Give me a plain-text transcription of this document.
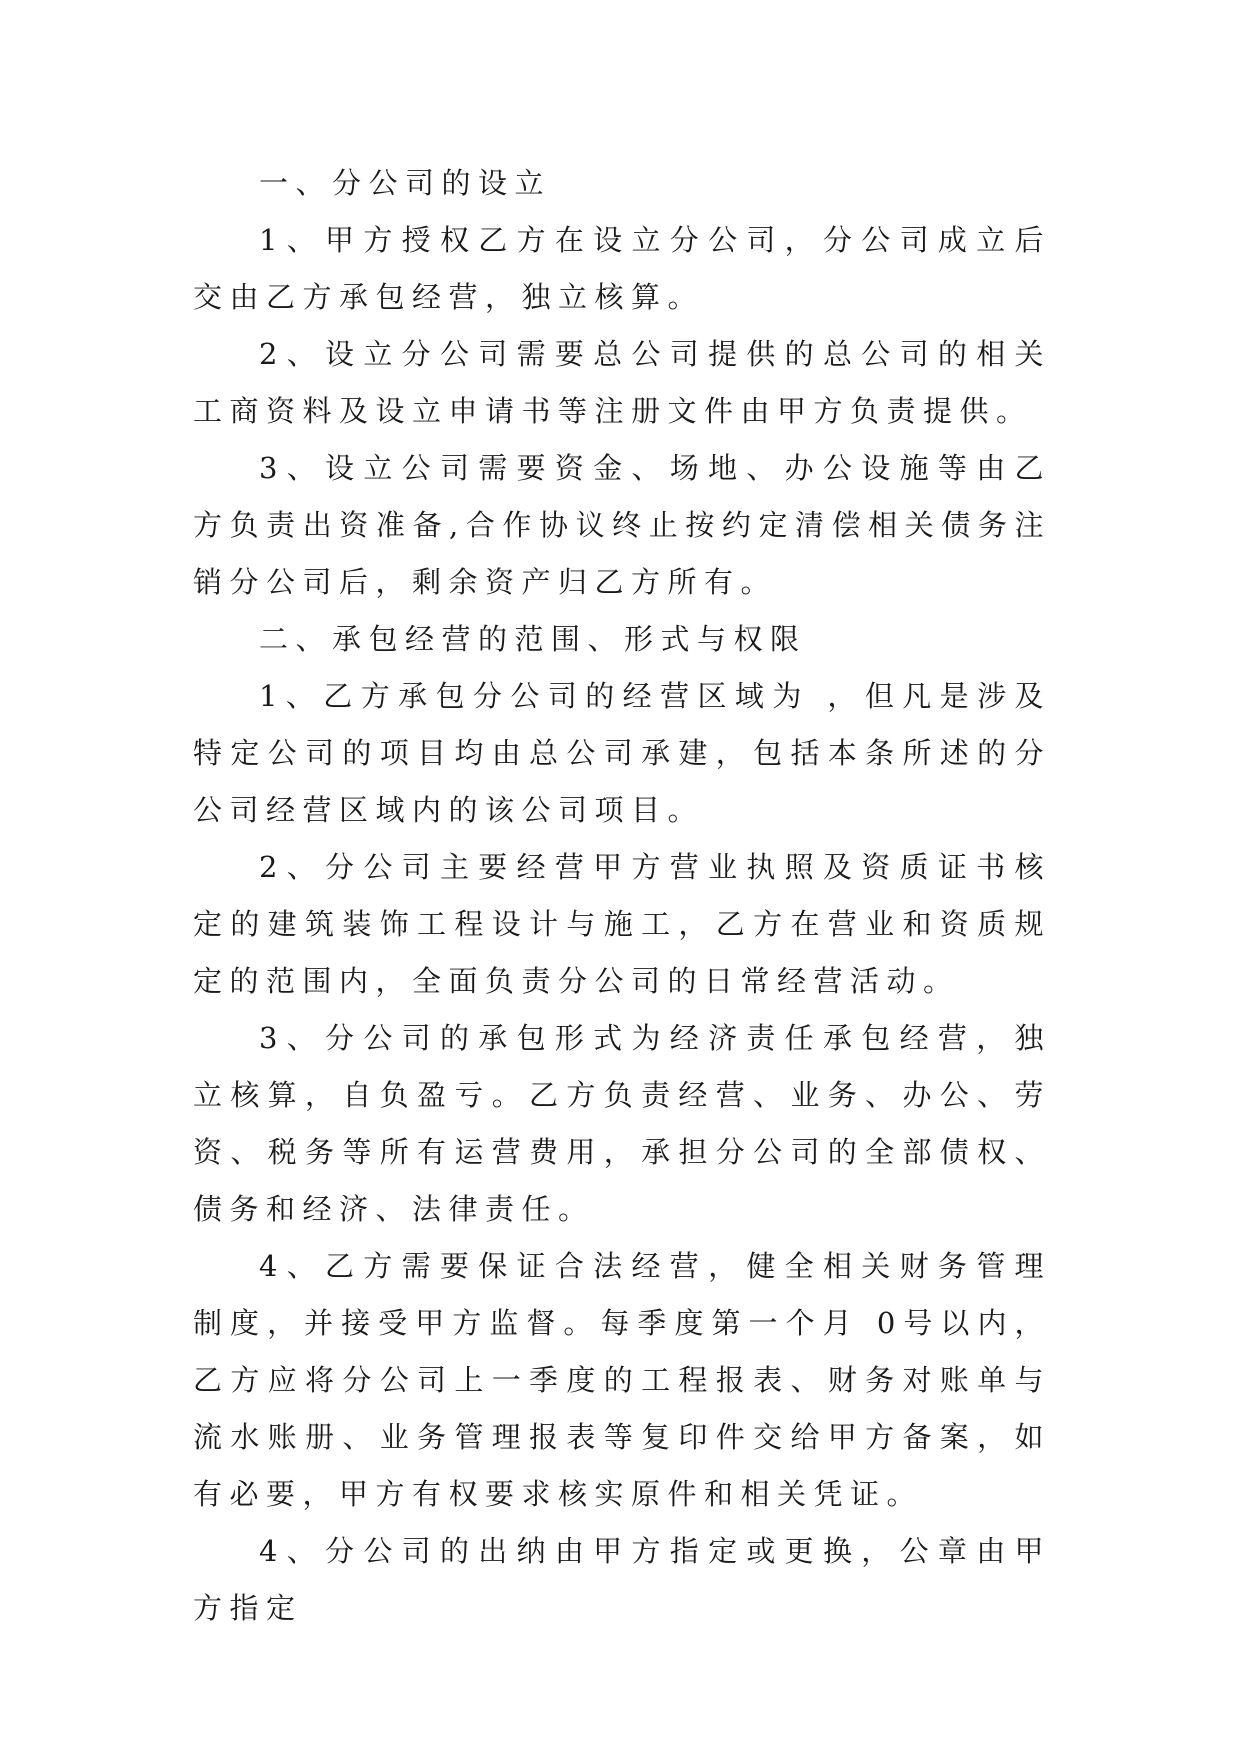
一、分公司的设立

1、甲方授权乙方在设立分公司，分公司成立后交由乙方承包经营，独立核算。

2、设立分公司需要总公司提供的总公司的相关工商资料及设立申请书等注册文件由甲方负责提供。

3、设立公司需要资金、场地、办公设施等由乙方负责出资准备,合作协议终止按约定清偿相关债务注销分公司后，剩余资产归乙方所有。

二、承包经营的范围、形式与权限

1、乙方承包分公司的经营区域为 ，但凡是涉及特定公司的项目均由总公司承建，包括本条所述的分公司经营区域内的该公司项目。

2、分公司主要经营甲方营业执照及资质证书核定的建筑装饰工程设计与施工，乙方在营业和资质规定的范围内，全面负责分公司的日常经营活动。

3、分公司的承包形式为经济责任承包经营，独立核算，自负盈亏。乙方负责经营、业务、办公、劳资、税务等所有运营费用，承担分公司的全部债权、债务和经济、法律责任。

4、乙方需要保证合法经营，健全相关财务管理制度，并接受甲方监督。每季度第一个月 0号以内，乙方应将分公司上一季度的工程报表、财务对账单与流水账册、业务管理报表等复印件交给甲方备案，如有必要，甲方有权要求核实原件和相关凭证。

4、分公司的出纳由甲方指定或更换，公章由甲方指定
